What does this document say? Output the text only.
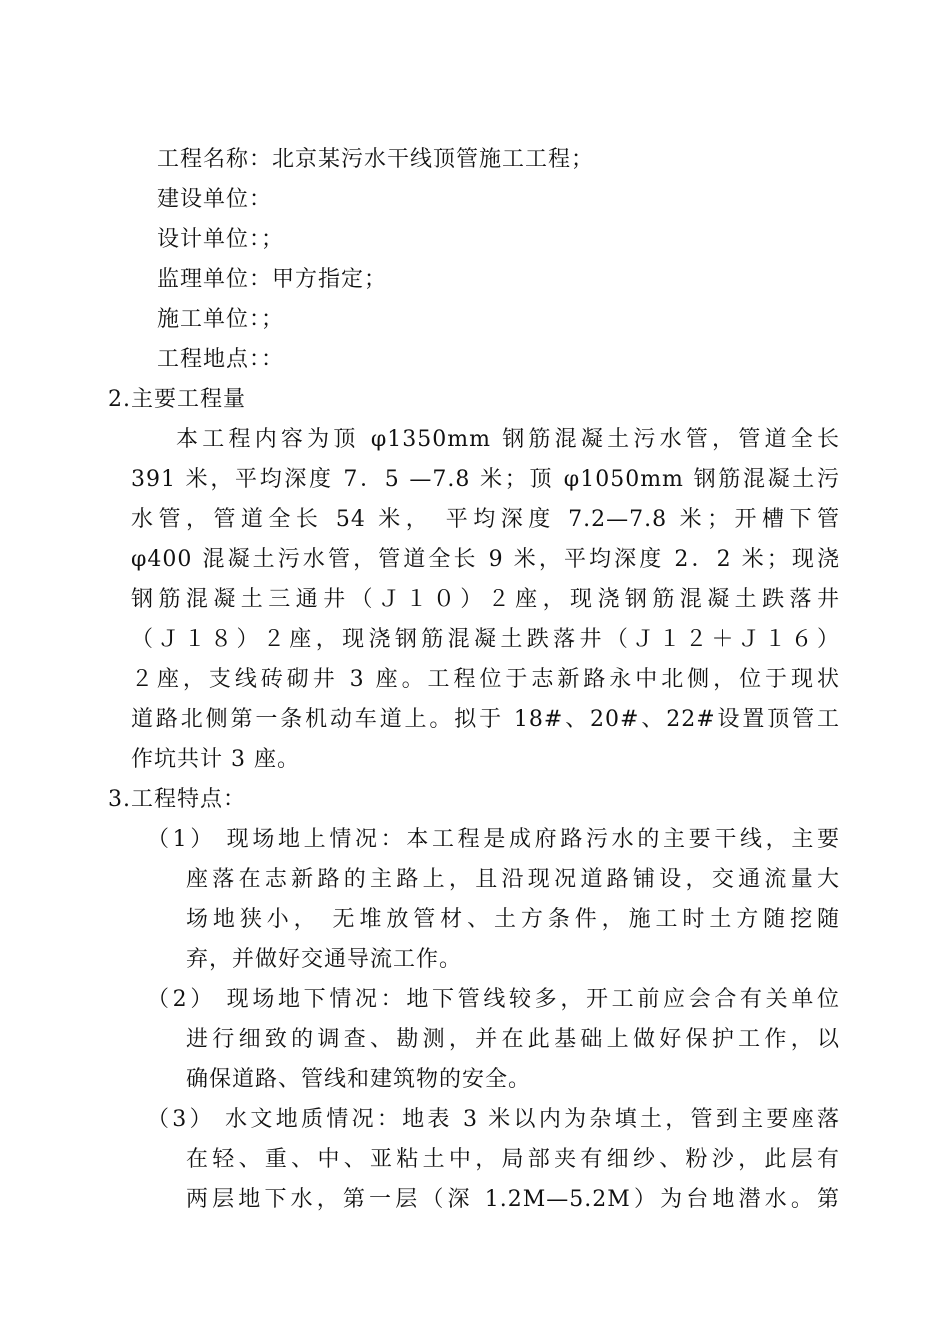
工程名称：北京某污水干线顶管施工工程；
建设单位：
设计单位：；
监理单位：甲方指定；
施工单位：；
工程地点：：
2.主要工程量
本工程内容为顶 φ1350mm 钢筋混凝土污水管，管道全长
391 米，平均深度 7．5 —7.8 米；顶 φ1050mm 钢筋混凝土污
水管，管道全长 54 米， 平均深度 7.2—7.8 米；开槽下管
φ400 混凝土污水管，管道全长 9 米，平均深度 2．2 米；现浇
钢筋混凝土三通井（Ｊ１０）２座，现浇钢筋混凝土跌落井
（Ｊ１８）２座，现浇钢筋混凝土跌落井（Ｊ１２＋Ｊ１６）
２座，支线砖砌井 3 座。工程位于志新路永中北侧，位于现状
道路北侧第一条机动车道上。拟于 18#、20#、22#设置顶管工
作坑共计 3 座。
3.工程特点：
（1） 现场地上情况：本工程是成府路污水的主要干线，主要
座落在志新路的主路上，且沿现况道路铺设，交通流量大
场地狭小， 无堆放管材、土方条件，施工时土方随挖随
弃，并做好交通导流工作。
（2） 现场地下情况：地下管线较多，开工前应会合有关单位
进行细致的调查、勘测，并在此基础上做好保护工作，以
确保道路、管线和建筑物的安全。
（3） 水文地质情况：地表 3 米以内为杂填土，管到主要座落
在轻、重、中、亚粘土中，局部夹有细纱、粉沙，此层有
两层地下水，第一层（深 1.2M—5.2M）为台地潜水。第
